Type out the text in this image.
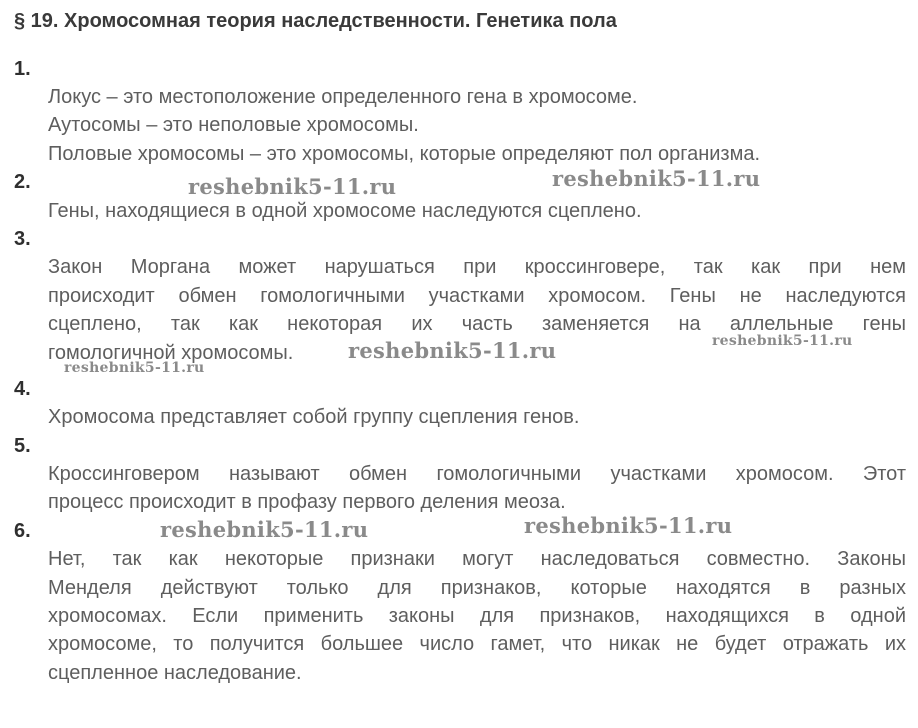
§ 19. Хромосомная теория наследственности. Генетика пола
1.
Локус – это местоположение определенного гена в хромосоме.
Аутосомы – это неполовые хромосомы.
Половые хромосомы – это хромосомы, которые определяют пол организма.
2.	reshebnik5-11.ru	reshebnik5-11.ru
Гены, находящиеся в одной хромосоме наследуются сцеплено.
3.
Закон Моргана может нарушаться при кроссинговере, так как при нем
происходит обмен гомологичными участками хромосом. Гены не наследуются
сцеплено, так как некоторая их часть заменяется на аллельные гены
гомологичной хромосомы.	reshebnik5-11.ru	reshebnik5-11.ru
reshebnik5-11.ru
4.
Хромосома представляет собой группу сцепления генов.
5.
Кроссинговером называют обмен гомологичными участками хромосом. Этот
процесс происходит в профазу первого деления меоза.
6.	reshebnik5-11.ru	reshebnik5-11.ru
Нет, так как некоторые признаки могут наследоваться совместно. Законы
Менделя действуют только для признаков, которые находятся в разных
хромосомах. Если применить законы для признаков, находящихся в одной
хромосоме, то получится большее число гамет, что никак не будет отражать их
сцепленное наследование.
